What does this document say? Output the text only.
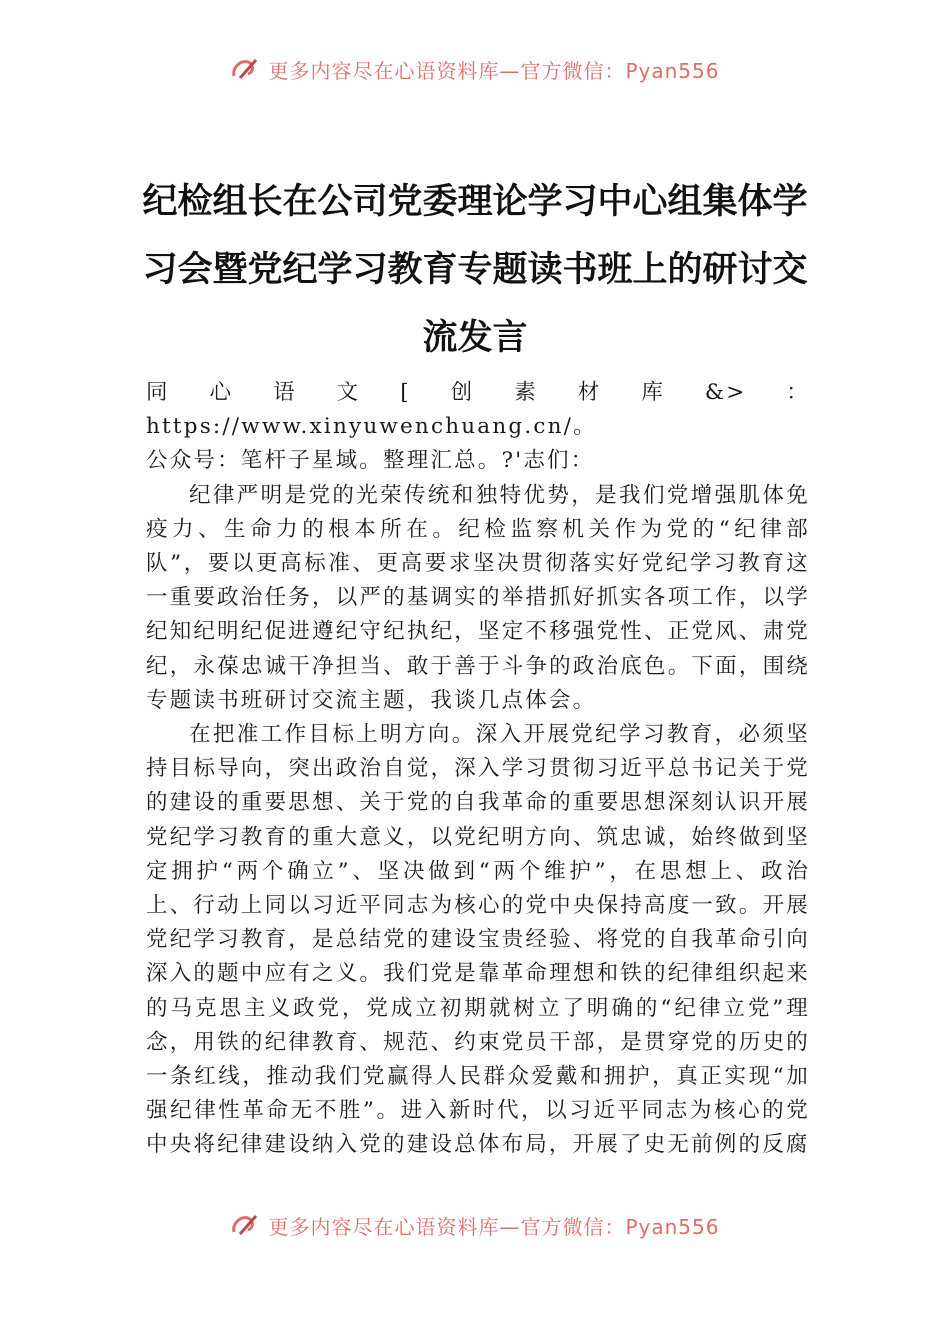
更多内容尽在心语资料库—官方微信：Pyan556
纪检组长在公司党委理论学习中心组集体学习会暨党纪学习教育专题读书班上的研讨交流发言

同心语文[创素材库&>：https://www.xinyuwenchuang.cn/。

公众号：笔杆子星域。整理汇总。?'志们：

纪律严明是党的光荣传统和独特优势，是我们党增强肌体免疫力、生命力的根本所在。纪检监察机关作为党的“纪律部队”，要以更高标准、更高要求坚决贯彻落实好党纪学习教育这一重要政治任务，以严的基调实的举措抓好抓实各项工作，以学纪知纪明纪促进遵纪守纪执纪，坚定不移强党性、正党风、肃党纪，永葆忠诚干净担当、敢于善于斗争的政治底色。下面，围绕专题读书班研讨交流主题，我谈几点体会。

在把准工作目标上明方向。深入开展党纪学习教育，必须坚持目标导向，突出政治自觉，深入学习贯彻习近平总书记关于党的建设的重要思想、关于党的自我革命的重要思想深刻认识开展党纪学习教育的重大意义，以党纪明方向、筑忠诚，始终做到坚定拥护“两个确立”、坚决做到“两个维护”，在思想上、政治上、行动上同以习近平同志为核心的党中央保持高度一致。开展党纪学习教育，是总结党的建设宝贵经验、将党的自我革命引向深入的题中应有之义。我们党是靠革命理想和铁的纪律组织起来的马克思主义政党，党成立初期就树立了明确的“纪律立党”理念，用铁的纪律教育、规范、约束党员干部，是贯穿党的历史的一条红线，推动我们党赢得人民群众爱戴和拥护，真正实现“加强纪律性革命无不胜”。进入新时代，以习近平同志为核心的党中央将纪律建设纳入党的建设总体布局，开展了史无前例的反腐

更多内容尽在心语资料库—官方微信：Pyan556
